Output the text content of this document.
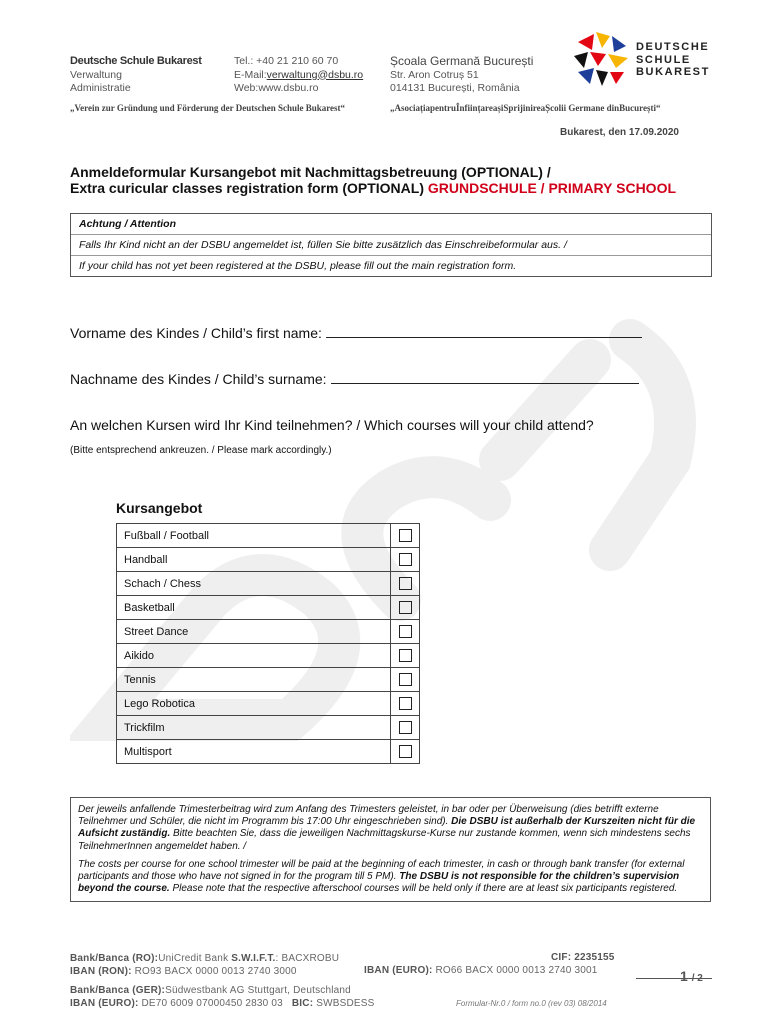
Deutsche Schule Bukarest
Verwaltung
Administratie
Tel.: +40 21 210 60 70
E-Mail:verwaltung@dsbu.ro
Web:www.dsbu.ro
Școala Germană București
Str. Aron Cotruș 51
014131 București, România
DEUTSCHE
SCHULE
BUKAREST
„Verein zur Gründung und Förderung der Deutschen Schule Bukarest“	„AsociațiapentruÎnființareașiSprijinireaȘcolii Germane dinBucurești“
Bukarest, den 17.09.2020
Anmeldeformular Kursangebot mit Nachmittagsbetreuung (OPTIONAL) /
Extra curicular classes registration form (OPTIONAL) GRUNDSCHULE / PRIMARY SCHOOL
Achtung / Attention
Falls Ihr Kind nicht an der DSBU angemeldet ist, füllen Sie bitte zusätzlich das Einschreibeformular aus. /
If your child has not yet been registered at the DSBU, please fill out the main registration form.
Vorname des Kindes / Child’s first name:
Nachname des Kindes / Child’s surname:
An welchen Kursen wird Ihr Kind teilnehmen? / Which courses will your child attend?
(Bitte entsprechend ankreuzen. / Please mark accordingly.)
Kursangebot
Fußball / Football	
Handball	
Schach / Chess	
Basketball	
Street Dance	
Aikido	
Tennis	
Lego Robotica	
Trickfilm	
Multisport	

Der jeweils anfallende Trimesterbeitrag wird zum Anfang des Trimesters geleistet, in bar oder per Überweisung (dies betrifft externe Teilnehmer und Schüler, die nicht im Programm bis 17:00 Uhr eingeschrieben sind). Die DSBU ist außerhalb der Kurszeiten nicht für die Aufsicht zuständig. Bitte beachten Sie, dass die jeweiligen Nachmittagskurse-Kurse nur zustande kommen, wenn sich mindestens sechs TeilnehmerInnen angemeldet haben. /

The costs per course for one school trimester will be paid at the beginning of each trimester, in cash or through bank transfer (for external participants and those who have not signed in for the program till 5 PM). The DSBU is not responsible for the children’s supervision beyond the course. Please note that the respective afterschool courses will be held only if there are at least six participants registered.

Bank/Banca (RO):UniCredit Bank S.W.I.F.T.: BACXROBU
IBAN (RON): RO93 BACX 0000 0013 2740 3000
CIF: 2235155
IBAN (EURO): RO66 BACX 0000 0013 2740 3001	1 / 2
Bank/Banca (GER):Südwestbank AG Stuttgart, Deutschland
IBAN (EURO): DE70 6009 07000450 2830 03 BIC: SWBSDESS	Formular-Nr.0 / form no.0 (rev 03) 08/2014
